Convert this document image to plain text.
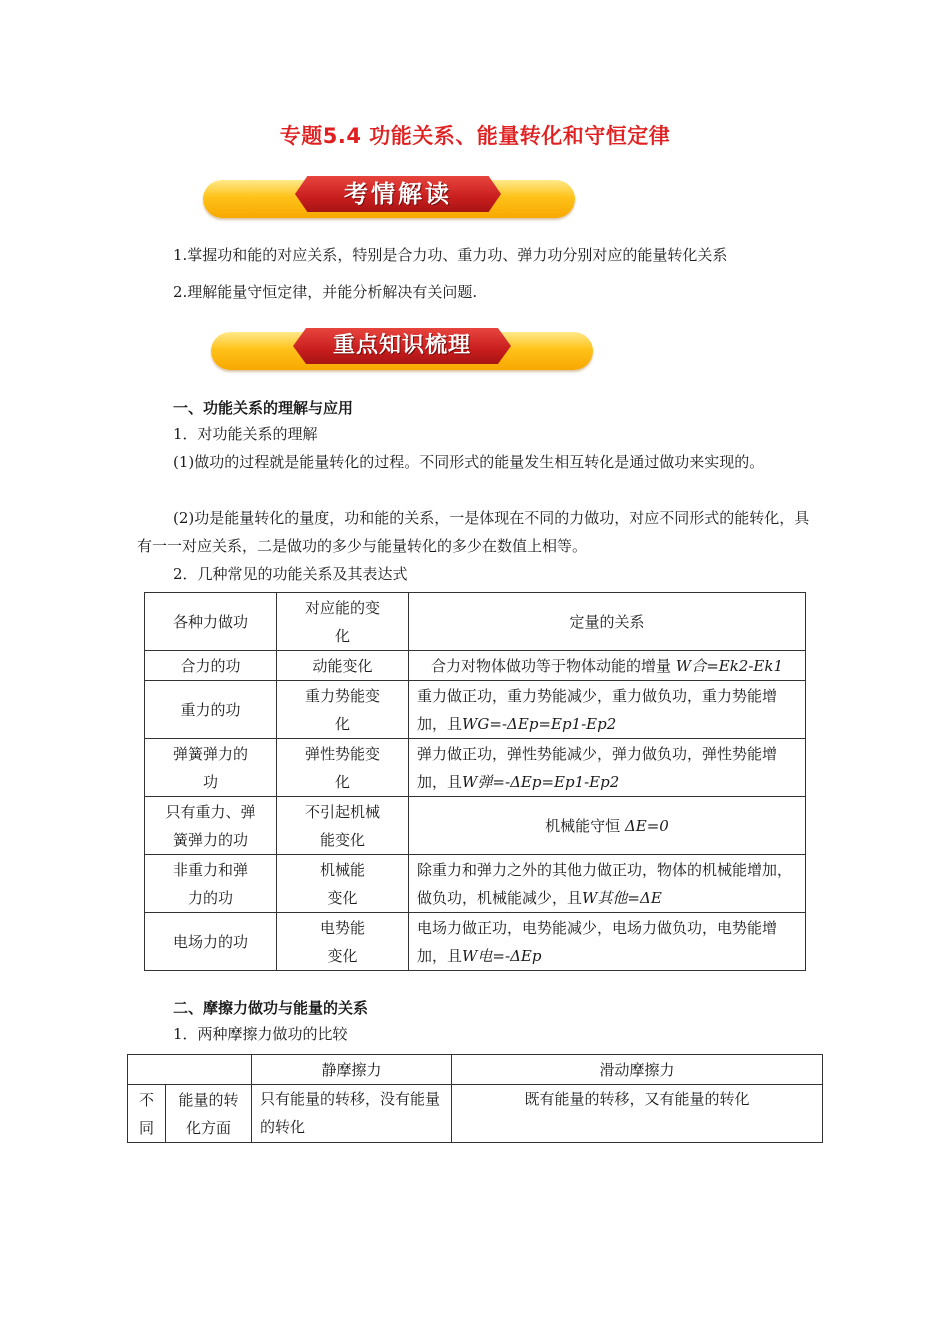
专题5.4 功能关系、能量转化和守恒定律
考情解读
1.掌握功和能的对应关系，特别是合力功、重力功、弹力功分别对应的能量转化关系
2.理解能量守恒定律，并能分析解决有关问题.
重点知识梳理
一、功能关系的理解与应用
1．对功能关系的理解
(1)做功的过程就是能量转化的过程。不同形式的能量发生相互转化是通过做功来实现的。
(2)功是能量转化的量度，功和能的关系，一是体现在不同的力做功，对应不同形式的能转化，具有一一对应关系，二是做功的多少与能量转化的多少在数值上相等。
2．几种常见的功能关系及其表达式
各种力做功	对应能的变化	定量的关系
合力的功	动能变化	合力对物体做功等于物体动能的增量 W合=Ek2-Ek1
重力的功	重力势能变化	重力做正功，重力势能减少，重力做负功，重力势能增加，且WG=-ΔEp=Ep1-Ep2
弹簧弹力的功	弹性势能变化	弹力做正功，弹性势能减少，弹力做负功，弹性势能增加，且W弹=-ΔEp=Ep1-Ep2
只有重力、弹簧弹力的功	不引起机械能变化	机械能守恒 ΔE=0
非重力和弹力的功	机械能变化	除重力和弹力之外的其他力做正功，物体的机械能增加，做负功，机械能减少，且W其他=ΔE
电场力的功	电势能变化	电场力做正功，电势能减少，电场力做负功，电势能增加，且W电=-ΔEp
二、摩擦力做功与能量的关系
1．两种摩擦力做功的比较
		静摩擦力	滑动摩擦力
不同	能量的转化方面	只有能量的转移，没有能量的转化	既有能量的转移，又有能量的转化
